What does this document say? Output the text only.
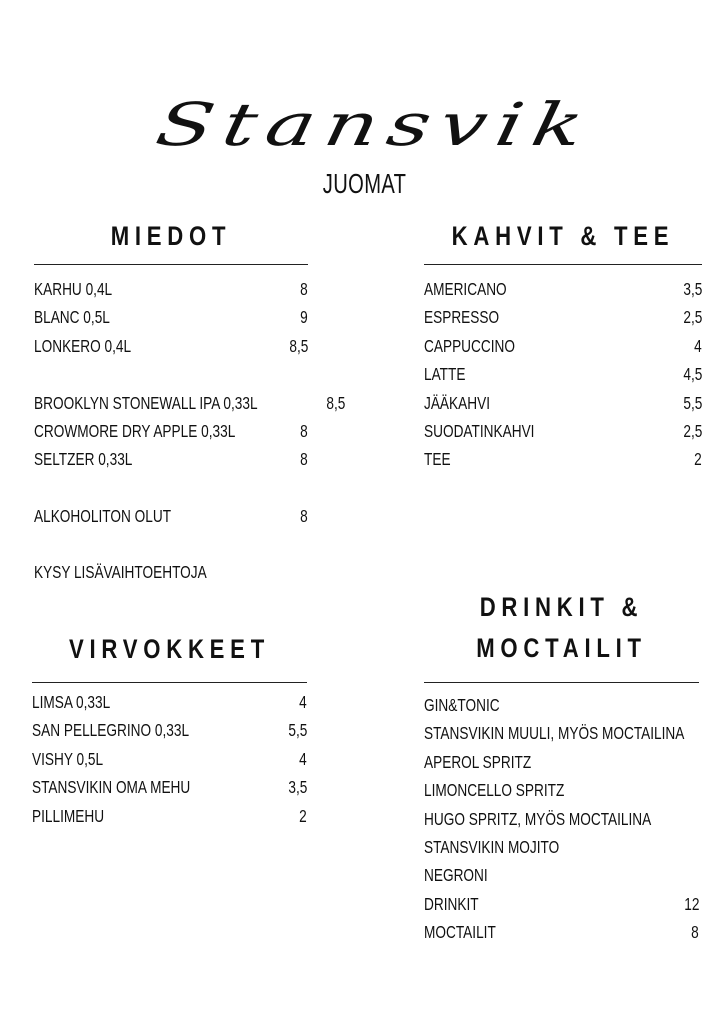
Stansvik
JUOMAT
MIEDOT
KARHU 0,4L	8
BLANC 0,5L	9
LONKERO 0,4L	8,5
BROOKLYN STONEWALL IPA 0,33L	8,5
CROWMORE DRY APPLE 0,33L	8
SELTZER 0,33L	8
ALKOHOLITON OLUT	8
KYSY LISÄVAIHTOEHTOJA
KAHVIT & TEE
AMERICANO	3,5
ESPRESSO	2,5
CAPPUCCINO	4
LATTE	4,5
JÄÄKAHVI	5,5
SUODATINKAHVI	2,5
TEE	2
VIRVOKKEET
LIMSA 0,33L	4
SAN PELLEGRINO 0,33L	5,5
VISHY 0,5L	4
STANSVIKIN OMA MEHU	3,5
PILLIMEHU	2
DRINKIT &
MOCTAILIT
GIN&TONIC
STANSVIKIN MUULI, MYÖS MOCTAILINA
APEROL SPRITZ
LIMONCELLO SPRITZ
HUGO SPRITZ, MYÖS MOCTAILINA
STANSVIKIN MOJITO
NEGRONI
DRINKIT	12
MOCTAILIT	8
